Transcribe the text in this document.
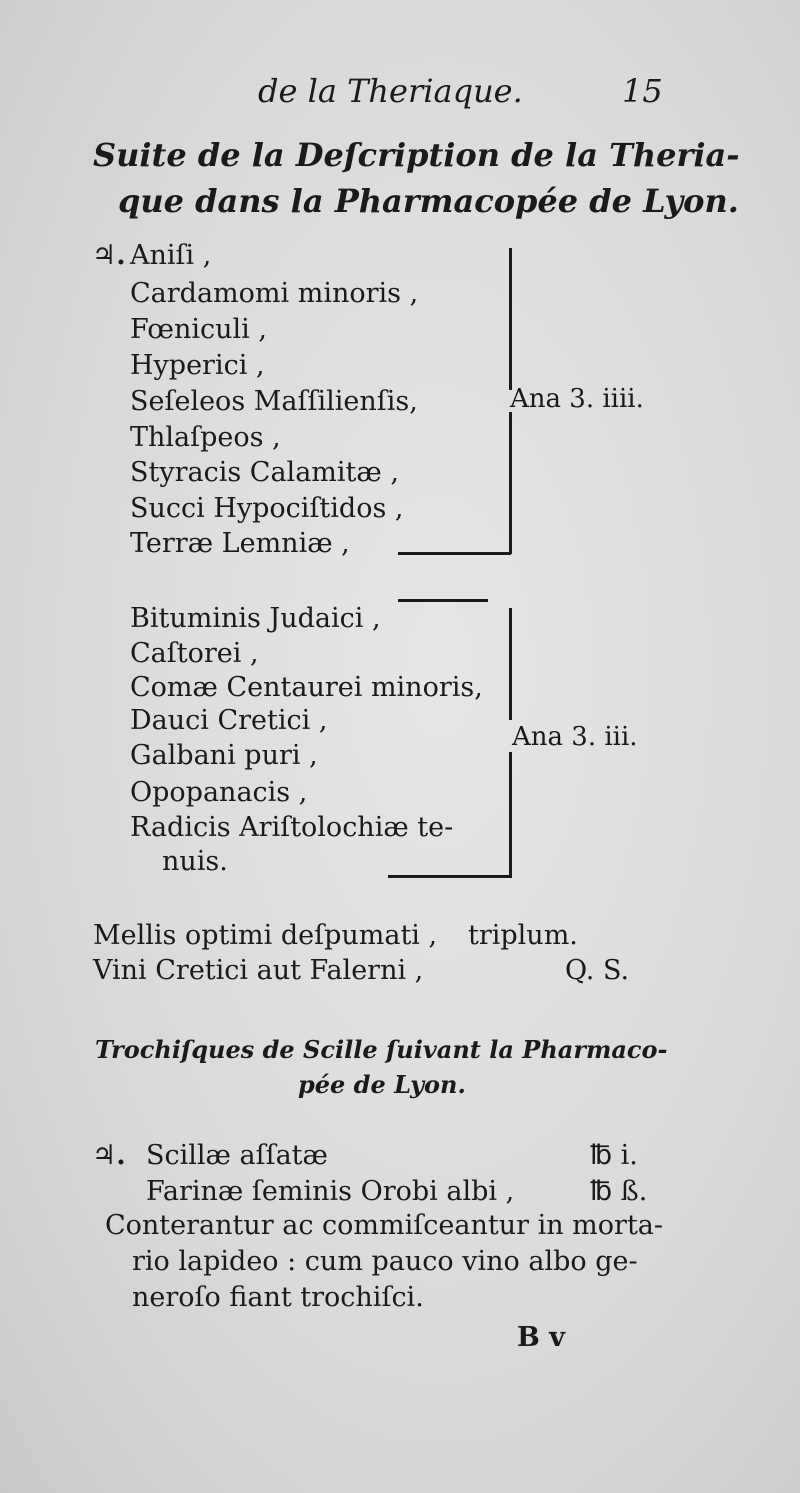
de la Theriaque.	15
Suite de la Deſcription de la Theria-
que dans la Pharmacopée de Lyon.
♃. Aniſi ,
Cardamomi minoris ,
Fœniculi ,
Hyperici ,
Seſeleos Maſſilienſis,
Thlaſpeos ,
Styracis Calamitæ ,
Succi Hypociſtidos ,
Terræ Lemniæ ,
Ana 3. iiii.
Bituminis Judaici ,
Caſtorei ,
Comæ Centaurei minoris,
Dauci Cretici ,
Galbani puri ,
Opopanacis ,
Radicis Ariſtolochiæ te-
nuis.
Ana 3. iii.
Mellis optimi deſpumati , triplum.
Vini Cretici aut Falerni ,	Q. S.
Trochiſques de Scille ſuivant la Pharmaco-
pée de Lyon.
♃. Scillæ aſſatæ	℔ i.
Farinæ ſeminis Orobi albi ,	℔ ß.
Conterantur ac commiſceantur in morta-
rio lapideo : cum pauco vino albo ge-
neroſo fiant trochiſci.
B v
